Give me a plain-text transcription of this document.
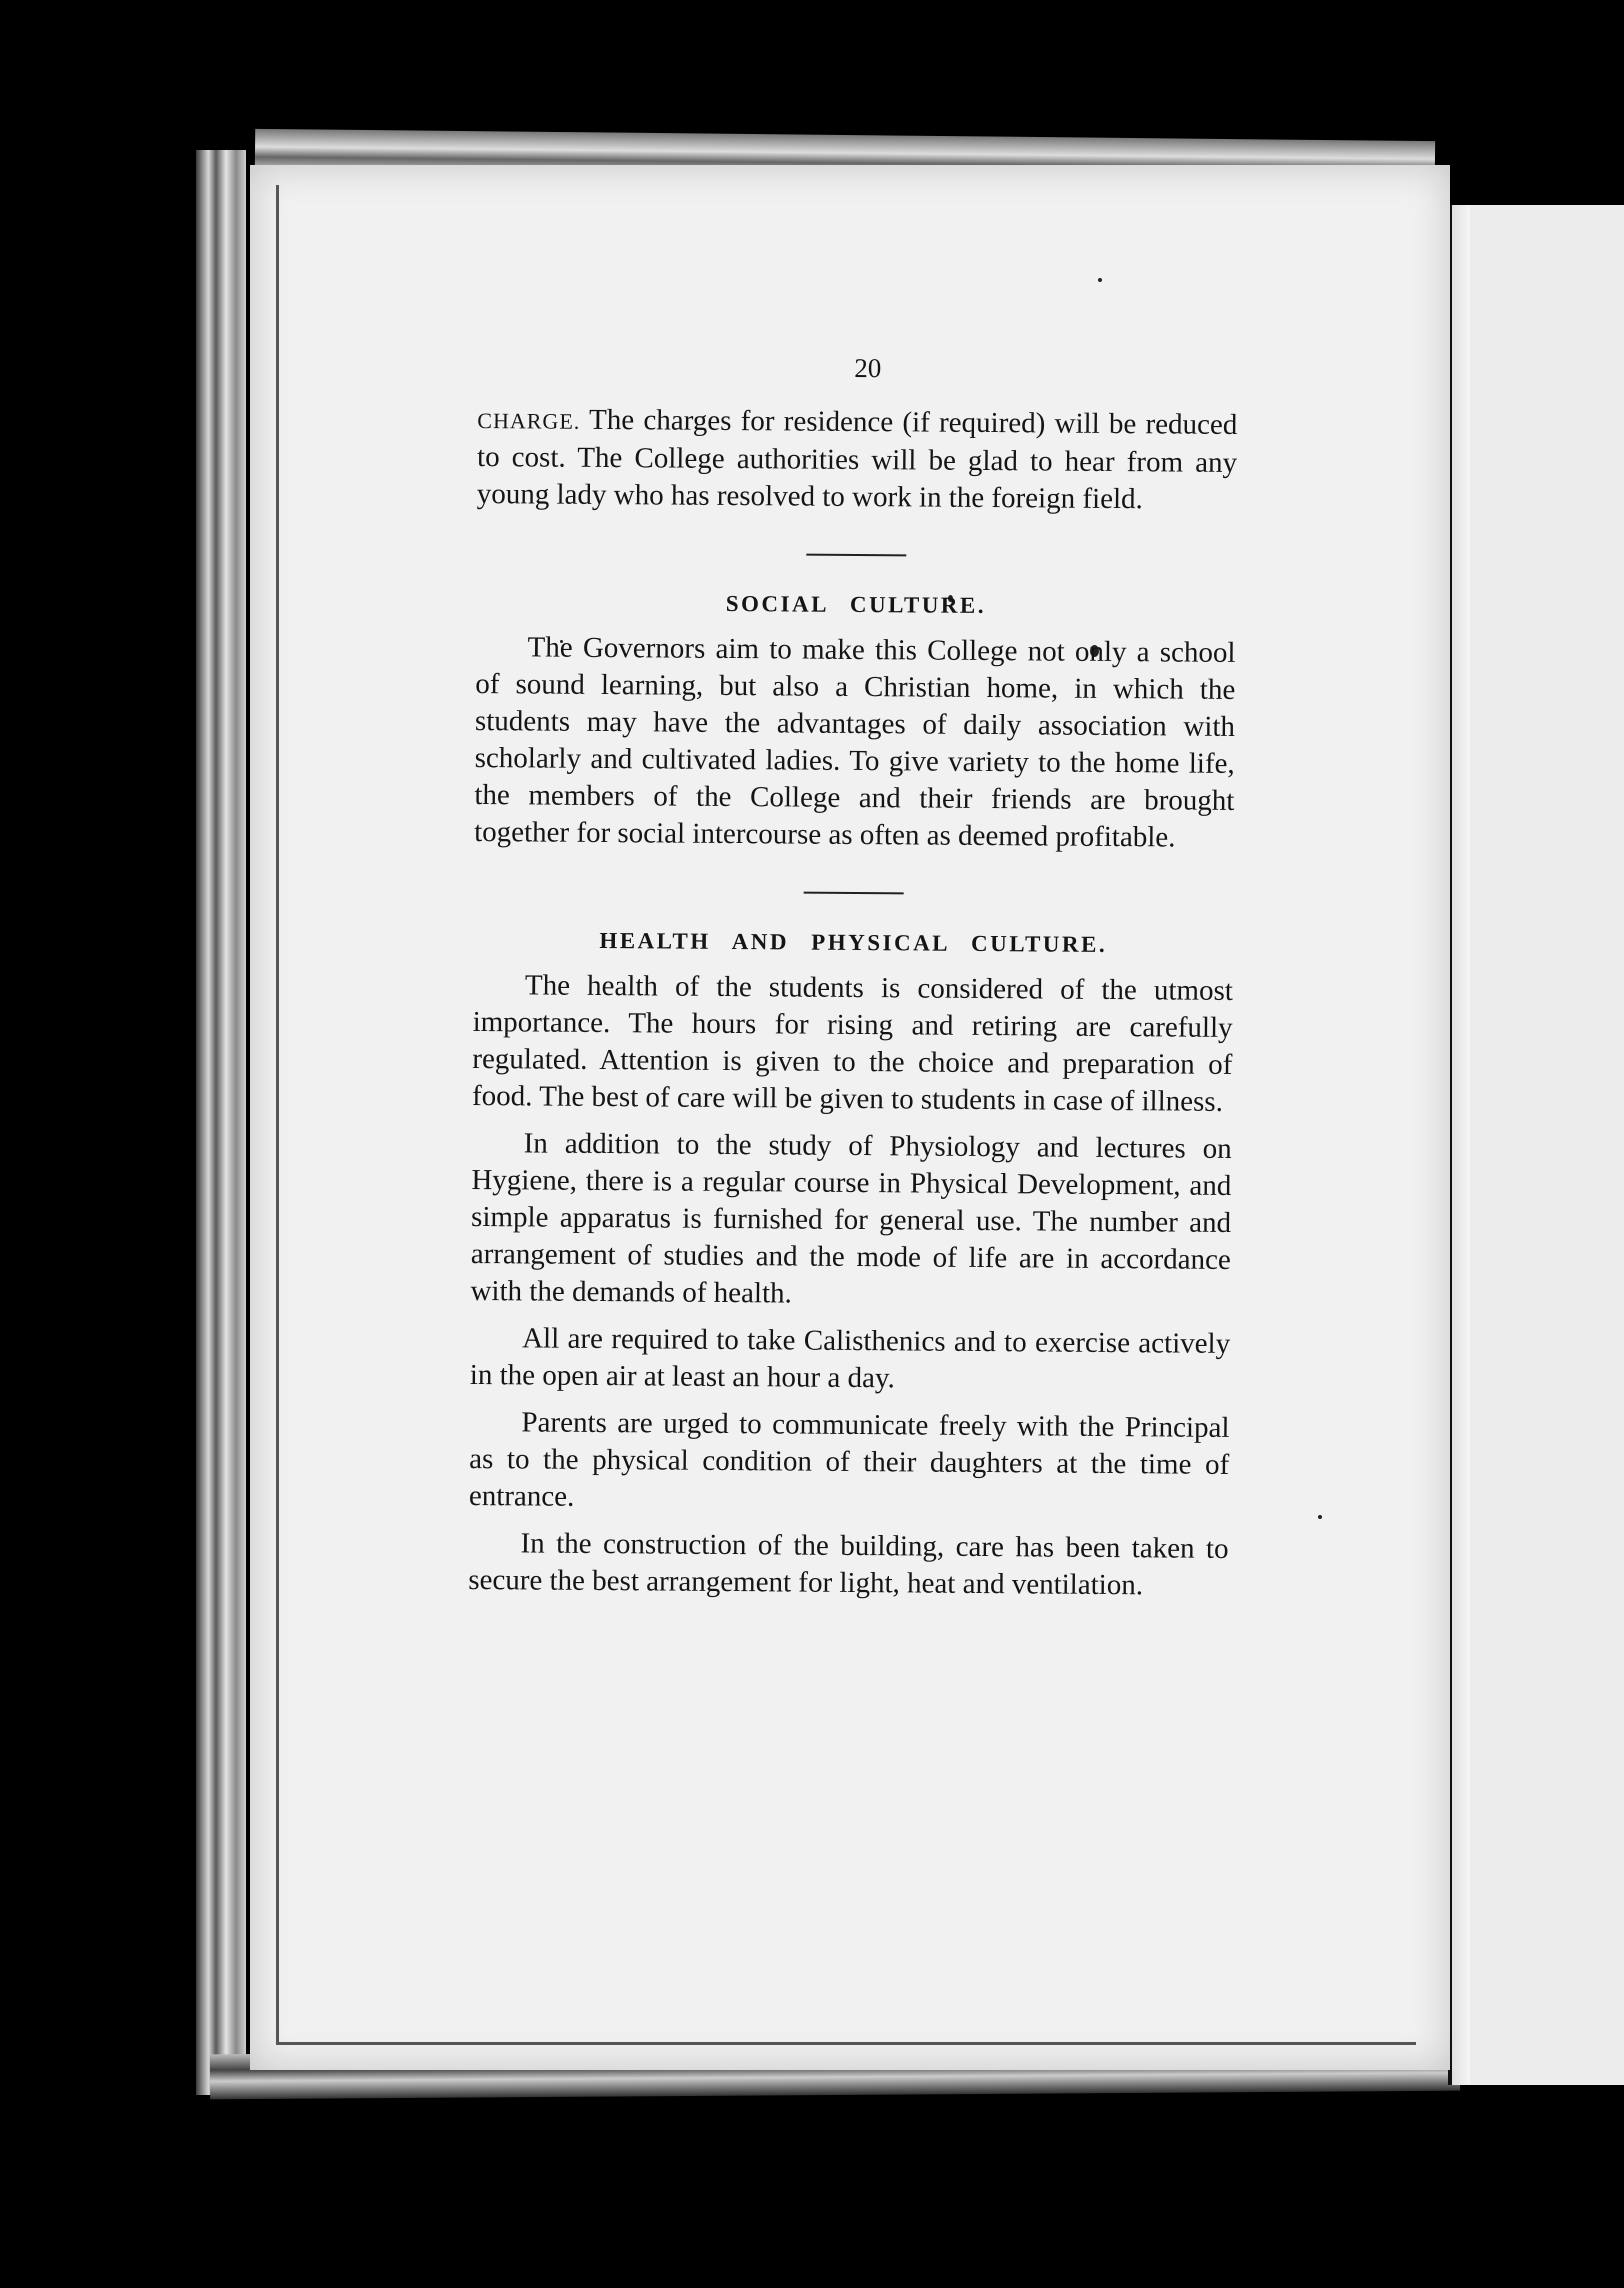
20

CHARGE. The charges for residence (if required) will be reduced to cost. The College authorities will be glad to hear from any young lady who has resolved to work in the foreign field.

SOCIAL CULTURE.

The Governors aim to make this College not only a school of sound learning, but also a Christian home, in which the students may have the advantages of daily association with scholarly and cultivated ladies. To give variety to the home life, the members of the College and their friends are brought together for social intercourse as often as deemed profitable.

HEALTH AND PHYSICAL CULTURE.

The health of the students is considered of the utmost importance. The hours for rising and retiring are carefully regulated. Attention is given to the choice and preparation of food. The best of care will be given to students in case of illness.

In addition to the study of Physiology and lectures on Hygiene, there is a regular course in Physical Development, and simple apparatus is furnished for general use. The number and arrangement of studies and the mode of life are in accordance with the demands of health.

All are required to take Calisthenics and to exercise actively in the open air at least an hour a day.

Parents are urged to communicate freely with the Principal as to the physical condition of their daughters at the time of entrance.

In the construction of the building, care has been taken to secure the best arrangement for light, heat and ventilation.
